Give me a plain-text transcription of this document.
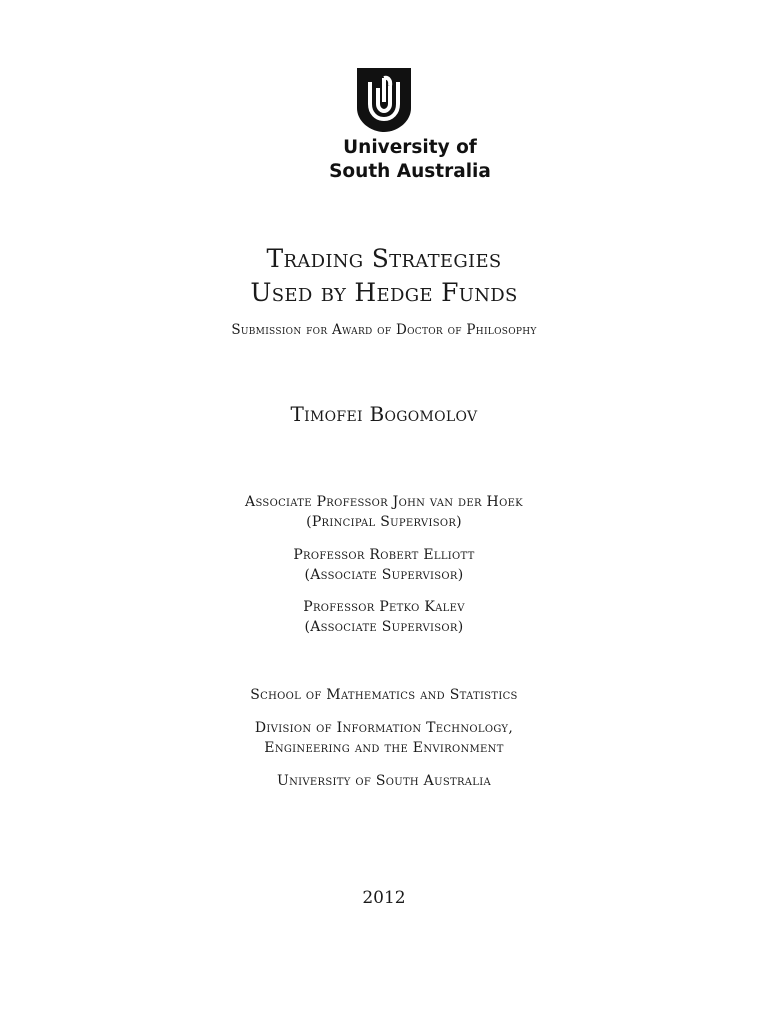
University of
South Australia
Trading Strategies
Used by Hedge Funds
Submission for Award of Doctor of Philosophy
Timofei Bogomolov
Associate Professor John van der Hoek
(Principal Supervisor)
Professor Robert Elliott
(Associate Supervisor)
Professor Petko Kalev
(Associate Supervisor)
School of Mathematics and Statistics
Division of Information Technology,
Engineering and the Environment
University of South Australia
2012
